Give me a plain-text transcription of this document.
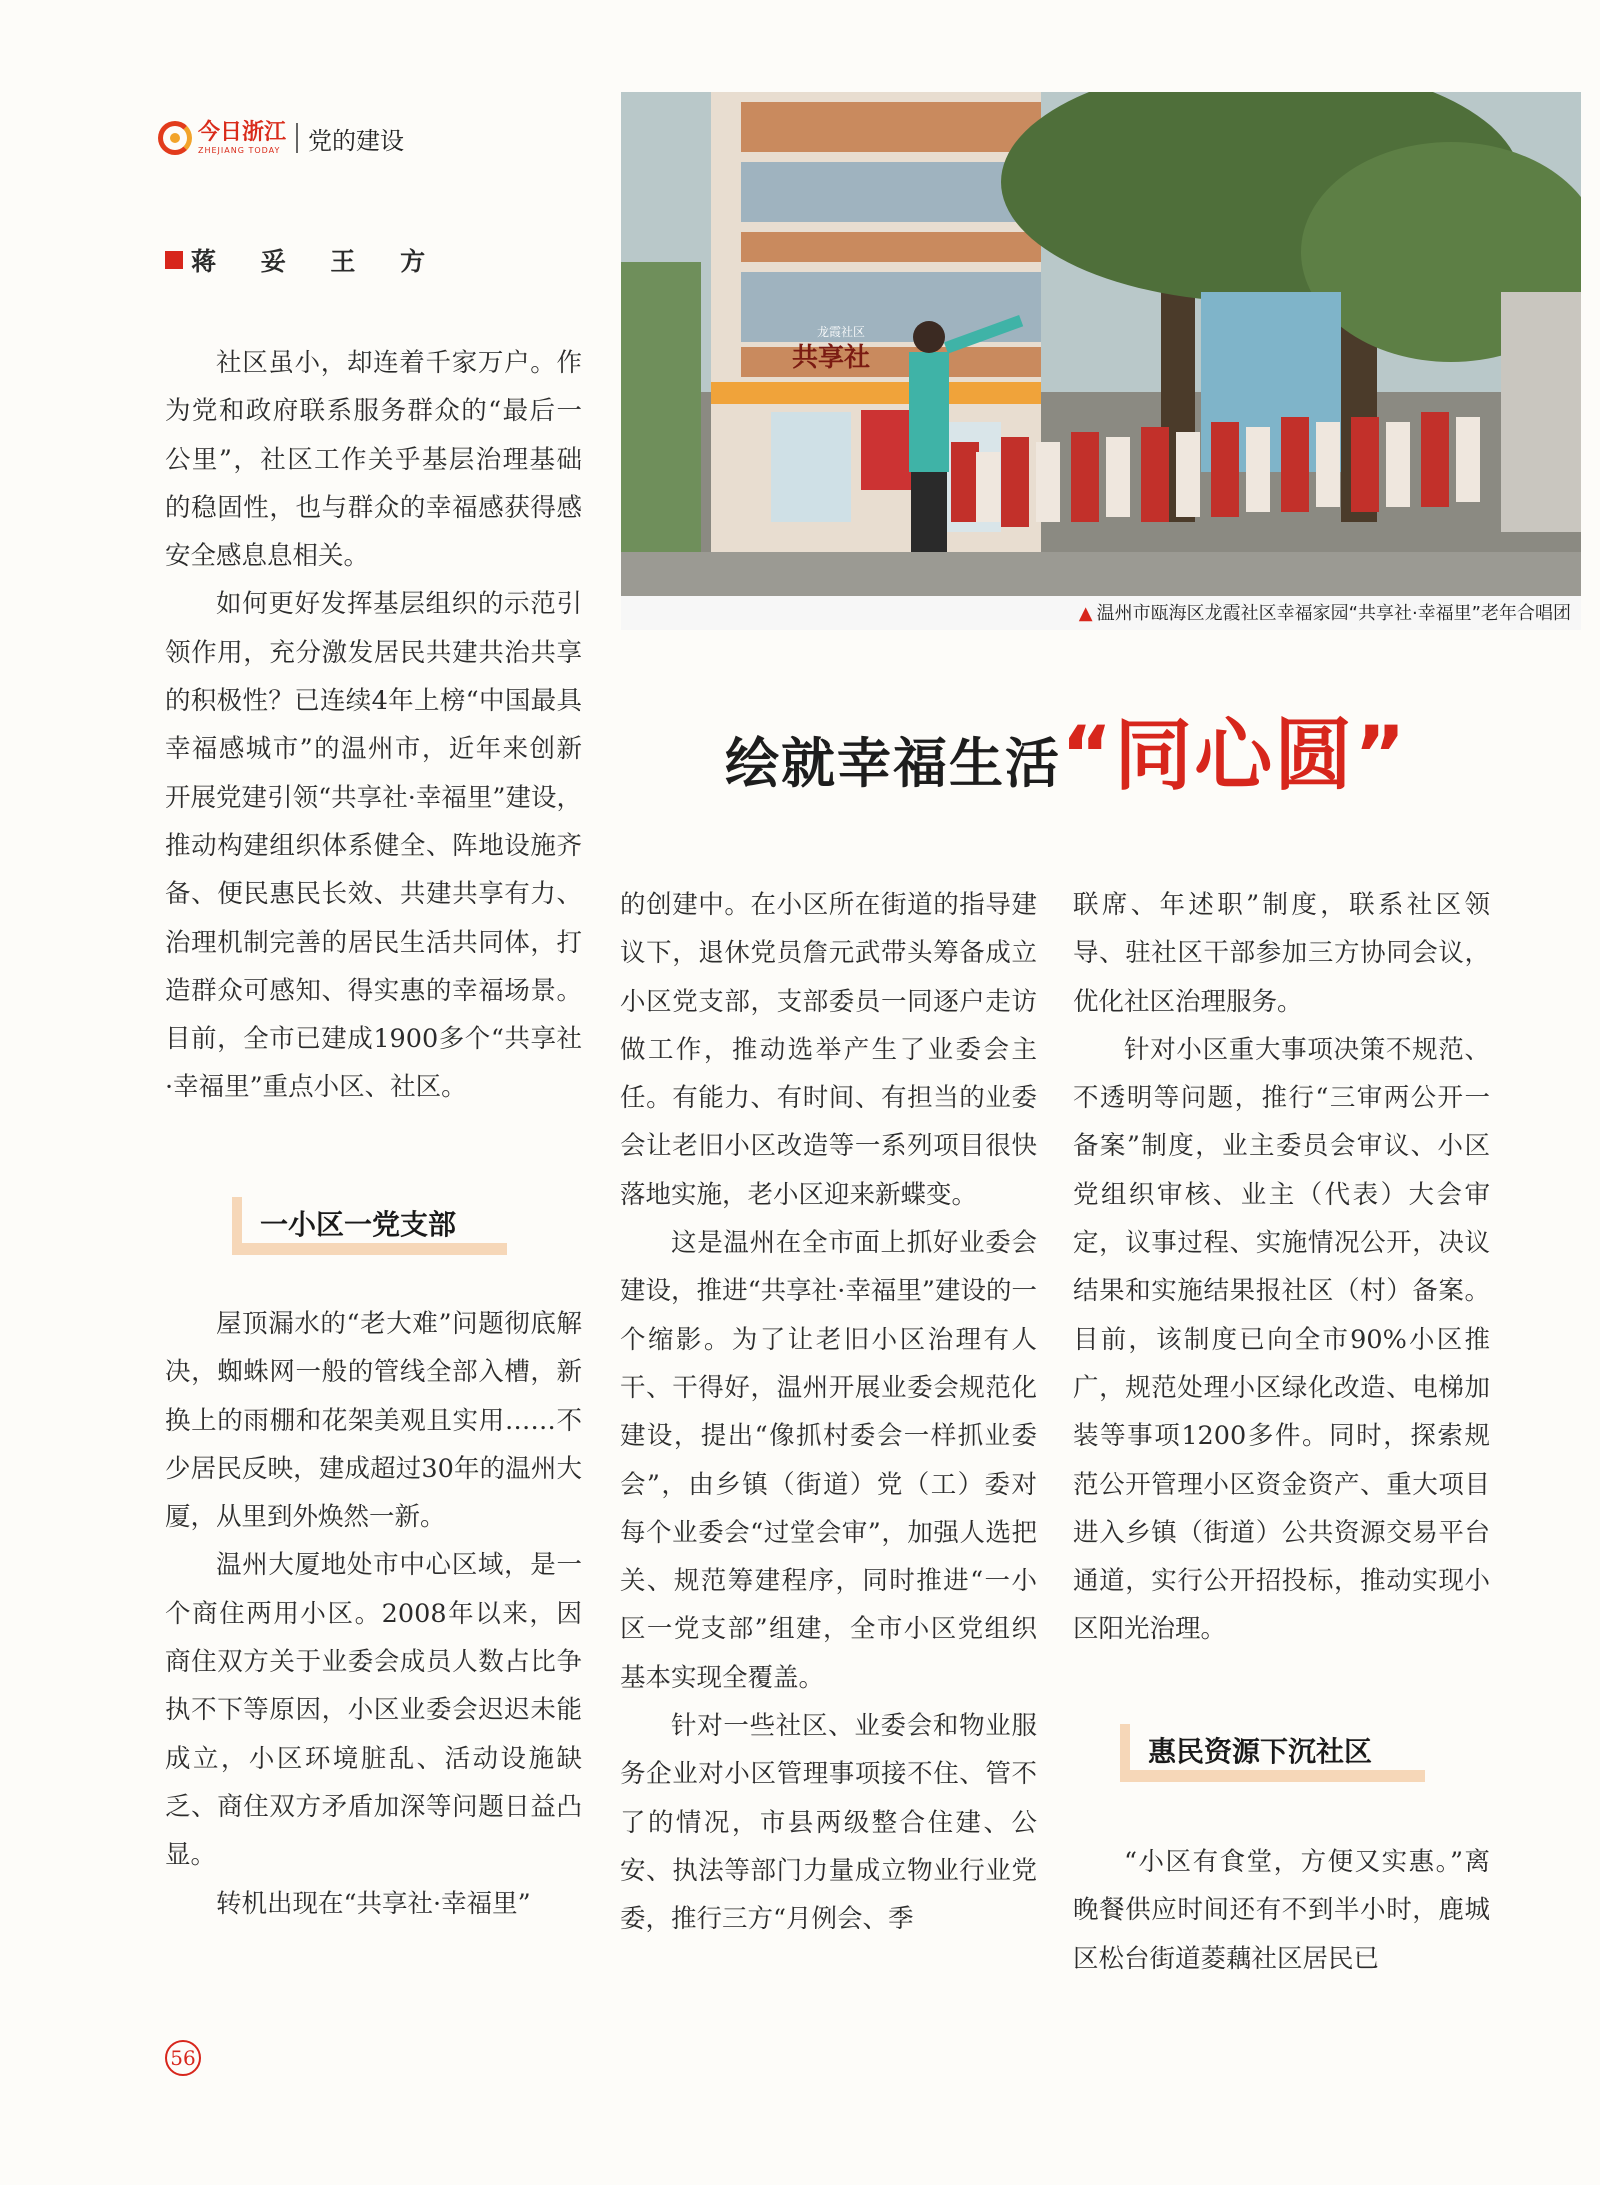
今日浙江
ZHEJIANG TODAY 党的建设
蒋 妥 王 方
龙霞社区
共享社
▲ 温州市瓯海区龙霞社区幸福家园“共享社·幸福里”老年合唱团
绘就幸福生活“同心圆”

社区虽小，却连着千家万户。作为党和政府联系服务群众的“最后一公里”，社区工作关乎基层治理基础的稳固性，也与群众的幸福感获得感安全感息息相关。

如何更好发挥基层组织的示范引领作用，充分激发居民共建共治共享的积极性？已连续4年上榜“中国最具幸福感城市”的温州市，近年来创新开展党建引领“共享社·幸福里”建设，推动构建组织体系健全、阵地设施齐备、便民惠民长效、共建共享有力、治理机制完善的居民生活共同体，打造群众可感知、得实惠的幸福场景。目前，全市已建成1900多个“共享社·幸福里”重点小区、社区。

一小区一党支部

屋顶漏水的“老大难”问题彻底解决，蜘蛛网一般的管线全部入槽，新换上的雨棚和花架美观且实用……不少居民反映，建成超过30年的温州大厦，从里到外焕然一新。

温州大厦地处市中心区域，是一个商住两用小区。2008年以来，因商住双方关于业委会成员人数占比争执不下等原因，小区业委会迟迟未能成立，小区环境脏乱、活动设施缺乏、商住双方矛盾加深等问题日益凸显。

转机出现在“共享社·幸福里”

的创建中。在小区所在街道的指导建议下，退休党员詹元武带头筹备成立小区党支部，支部委员一同逐户走访做工作，推动选举产生了业委会主任。有能力、有时间、有担当的业委会让老旧小区改造等一系列项目很快落地实施，老小区迎来新蝶变。

这是温州在全市面上抓好业委会建设，推进“共享社·幸福里”建设的一个缩影。为了让老旧小区治理有人干、干得好，温州开展业委会规范化建设，提出“像抓村委会一样抓业委会”，由乡镇（街道）党（工）委对每个业委会“过堂会审”，加强人选把关、规范筹建程序，同时推进“一小区一党支部”组建，全市小区党组织基本实现全覆盖。

针对一些社区、业委会和物业服务企业对小区管理事项接不住、管不了的情况，市县两级整合住建、公安、执法等部门力量成立物业行业党委，推行三方“月例会、季

联席、年述职”制度，联系社区领导、驻社区干部参加三方协同会议，优化社区治理服务。

针对小区重大事项决策不规范、不透明等问题，推行“三审两公开一备案”制度，业主委员会审议、小区党组织审核、业主（代表）大会审定，议事过程、实施情况公开，决议结果和实施结果报社区（村）备案。目前，该制度已向全市90%小区推广，规范处理小区绿化改造、电梯加装等事项1200多件。同时，探索规范公开管理小区资金资产、重大项目进入乡镇（街道）公共资源交易平台通道，实行公开招投标，推动实现小区阳光治理。

惠民资源下沉社区

“小区有食堂，方便又实惠。”离晚餐供应时间还有不到半小时，鹿城区松台街道菱藕社区居民已

56
